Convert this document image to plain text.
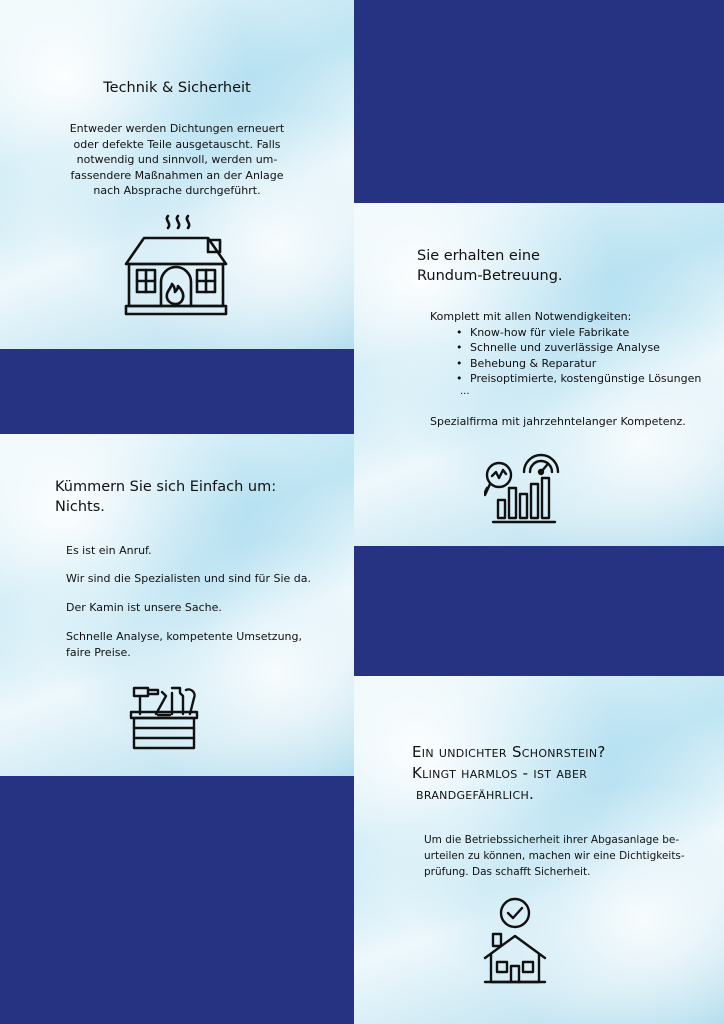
Technik & Sicherheit
Entweder werden Dichtungen erneuert
oder defekte Teile ausgetauscht. Falls
notwendig und sinnvoll, werden um-
fassendere Maßnahmen an der Anlage
nach Absprache durchgeführt.
Sie erhalten eine
Rundum-Betreuung.
Komplett mit allen Notwendigkeiten:
• Know-how für viele Fabrikate
• Schnelle und zuverlässige Analyse
• Behebung & Reparatur
• Preisoptimierte, kostengünstige Lösungen
...
Spezialfirma mit jahrzehntelanger Kompetenz.
Kümmern Sie sich Einfach um:
Nichts.
Es ist ein Anruf.
Wir sind die Spezialisten und sind für Sie da.
Der Kamin ist unsere Sache.
Schnelle Analyse, kompetente Umsetzung,
faire Preise.
Ein undichter Schonrstein?
Klingt harmlos - ist aber
brandgefährlich.
Um die Betriebssicherheit ihrer Abgasanlage be-
urteilen zu können, machen wir eine Dichtigkeits-
prüfung. Das schafft Sicherheit.
